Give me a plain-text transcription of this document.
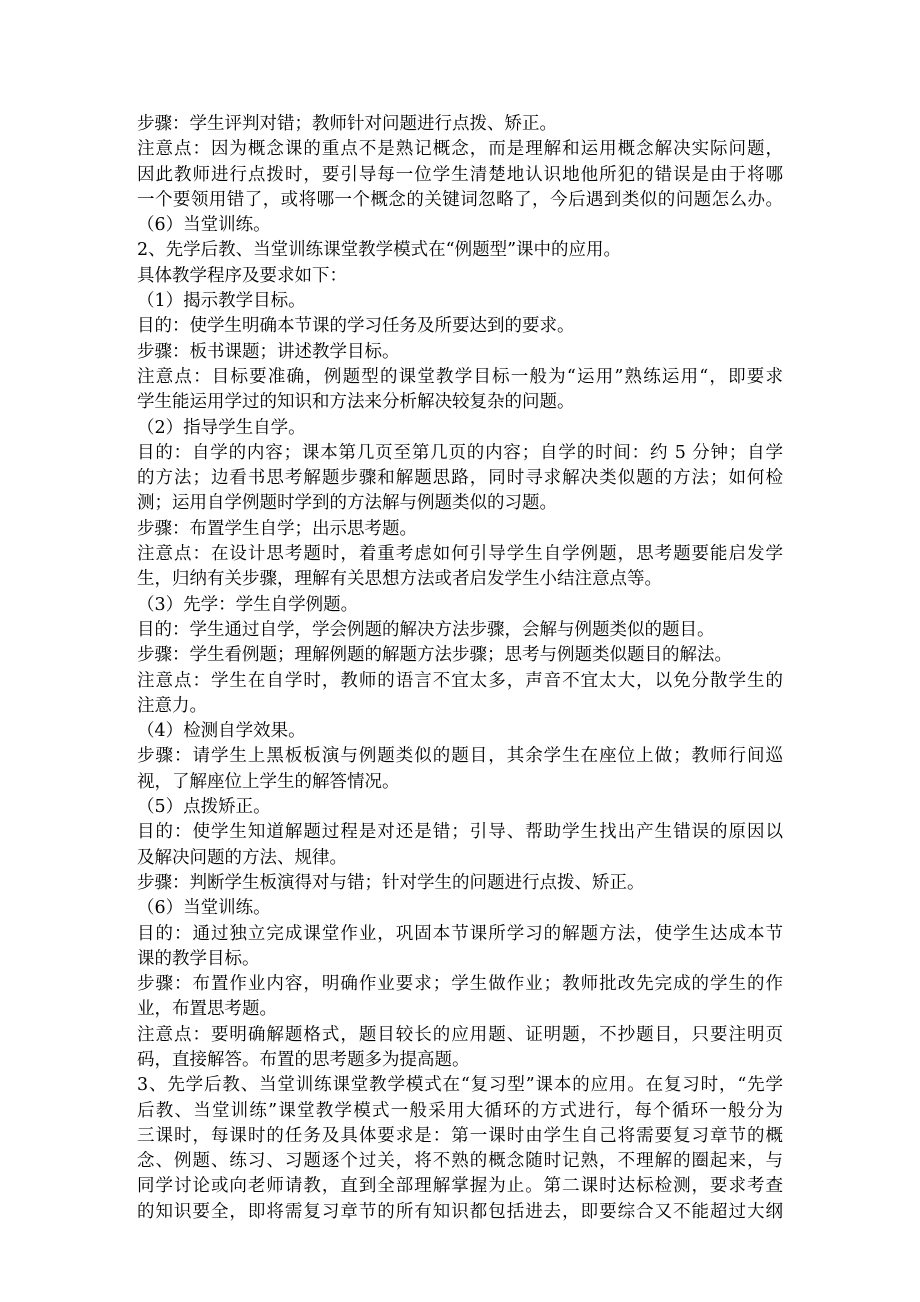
步骤：学生评判对错；教师针对问题进行点拨、矫正。
注意点：因为概念课的重点不是熟记概念，而是理解和运用概念解决实际问题，
因此教师进行点拨时，要引导每一位学生清楚地认识地他所犯的错误是由于将哪
一个要领用错了，或将哪一个概念的关键词忽略了，今后遇到类似的问题怎么办。
（6）当堂训练。
2、先学后教、当堂训练课堂教学模式在“例题型”课中的应用。
具体教学程序及要求如下：
（1）揭示教学目标。
目的：使学生明确本节课的学习任务及所要达到的要求。
步骤：板书课题；讲述教学目标。
注意点：目标要准确，例题型的课堂教学目标一般为“运用”熟练运用“，即要求
学生能运用学过的知识和方法来分析解决较复杂的问题。
（2）指导学生自学。
目的：自学的内容；课本第几页至第几页的内容；自学的时间：约 5 分钟；自学
的方法；边看书思考解题步骤和解题思路，同时寻求解决类似题的方法；如何检
测；运用自学例题时学到的方法解与例题类似的习题。
步骤：布置学生自学；出示思考题。
注意点：在设计思考题时，着重考虑如何引导学生自学例题，思考题要能启发学
生，归纳有关步骤，理解有关思想方法或者启发学生小结注意点等。
（3）先学：学生自学例题。
目的：学生通过自学，学会例题的解决方法步骤，会解与例题类似的题目。
步骤：学生看例题；理解例题的解题方法步骤；思考与例题类似题目的解法。
注意点：学生在自学时，教师的语言不宜太多，声音不宜太大，以免分散学生的
注意力。
（4）检测自学效果。
步骤：请学生上黑板板演与例题类似的题目，其余学生在座位上做；教师行间巡
视，了解座位上学生的解答情况。
（5）点拨矫正。
目的：使学生知道解题过程是对还是错；引导、帮助学生找出产生错误的原因以
及解决问题的方法、规律。
步骤：判断学生板演得对与错；针对学生的问题进行点拨、矫正。
（6）当堂训练。
目的：通过独立完成课堂作业，巩固本节课所学习的解题方法，使学生达成本节
课的教学目标。
步骤：布置作业内容，明确作业要求；学生做作业；教师批改先完成的学生的作
业，布置思考题。
注意点：要明确解题格式，题目较长的应用题、证明题，不抄题目，只要注明页
码，直接解答。布置的思考题多为提高题。
3、先学后教、当堂训练课堂教学模式在“复习型”课本的应用。在复习时，“先学
后教、当堂训练”课堂教学模式一般采用大循环的方式进行，每个循环一般分为
三课时，每课时的任务及具体要求是：第一课时由学生自己将需要复习章节的概
念、例题、练习、习题逐个过关，将不熟的概念随时记熟，不理解的圈起来，与
同学讨论或向老师请教，直到全部理解掌握为止。第二课时达标检测，要求考查
的知识要全，即将需复习章节的所有知识都包括进去，即要综合又不能超过大纲
